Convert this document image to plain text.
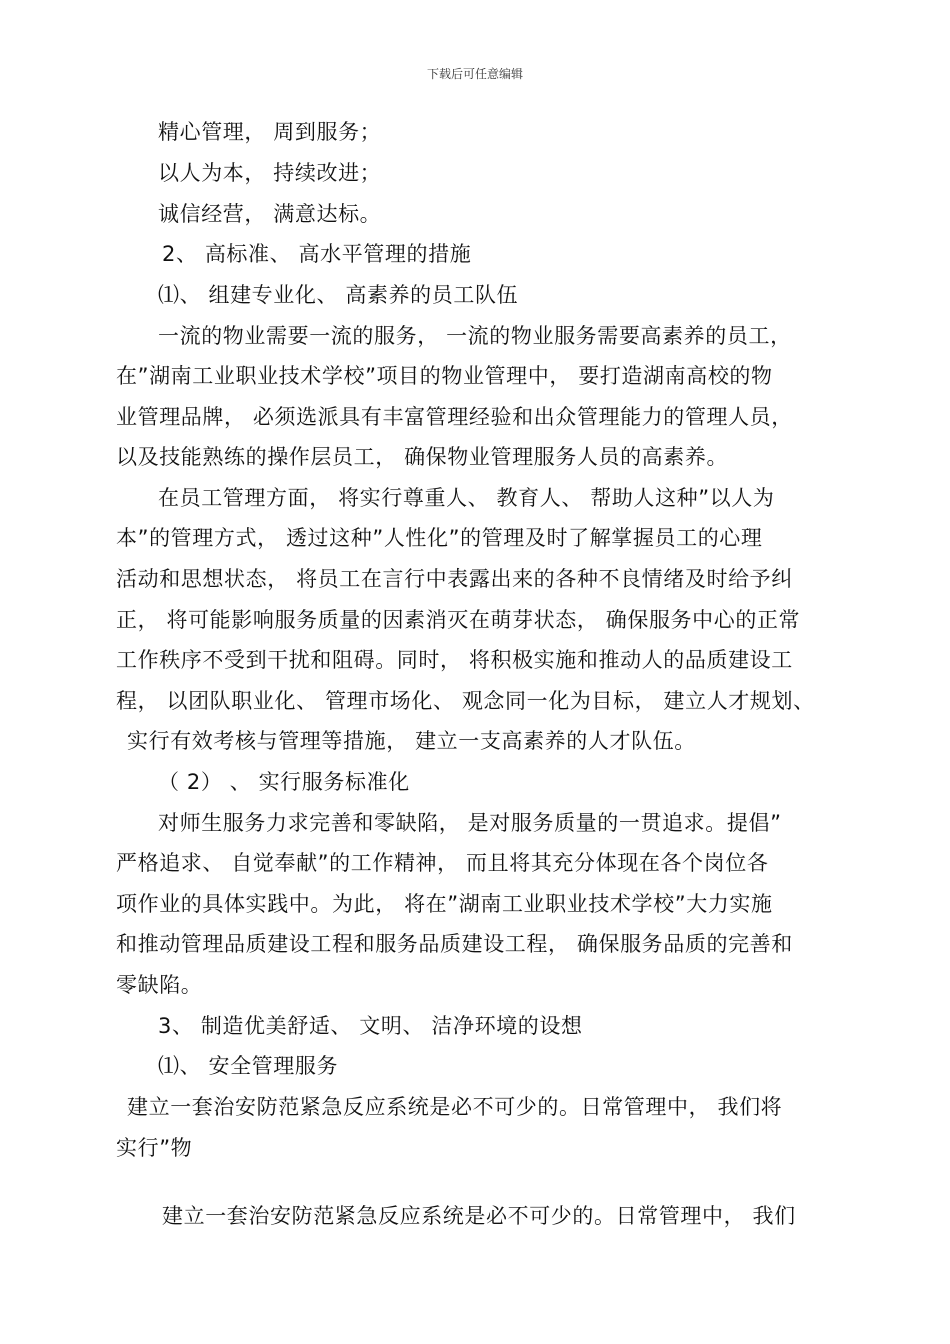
下载后可任意编辑
精心管理， 周到服务；
以人为本， 持续改进；
诚信经营， 满意达标。
2、 高标准、 高水平管理的措施
⑴、 组建专业化、 高素养的员工队伍
一流的物业需要一流的服务， 一流的物业服务需要高素养的员工，
在”湖南工业职业技术学校”项目的物业管理中， 要打造湖南高校的物
业管理品牌， 必须选派具有丰富管理经验和出众管理能力的管理人员，
以及技能熟练的操作层员工， 确保物业管理服务人员的高素养。
在员工管理方面， 将实行尊重人、 教育人、 帮助人这种”以人为
本”的管理方式， 透过这种”人性化”的管理及时了解掌握员工的心理
活动和思想状态， 将员工在言行中表露出来的各种不良情绪及时给予纠
正， 将可能影响服务质量的因素消灭在萌芽状态， 确保服务中心的正常
工作秩序不受到干扰和阻碍。同时， 将积极实施和推动人的品质建设工
程， 以团队职业化、 管理市场化、 观念同一化为目标， 建立人才规划、
实行有效考核与管理等措施， 建立一支高素养的人才队伍。
（ 2） 、 实行服务标准化
对师生服务力求完善和零缺陷， 是对服务质量的一贯追求。提倡”
严格追求、 自觉奉献”的工作精神， 而且将其充分体现在各个岗位各
项作业的具体实践中。为此， 将在”湖南工业职业技术学校”大力实施
和推动管理品质建设工程和服务品质建设工程， 确保服务品质的完善和
零缺陷。
3、 制造优美舒适、 文明、 洁净环境的设想
⑴、 安全管理服务
建立一套治安防范紧急反应系统是必不可少的。日常管理中， 我们将
实行”物
建立一套治安防范紧急反应系统是必不可少的。日常管理中， 我们
